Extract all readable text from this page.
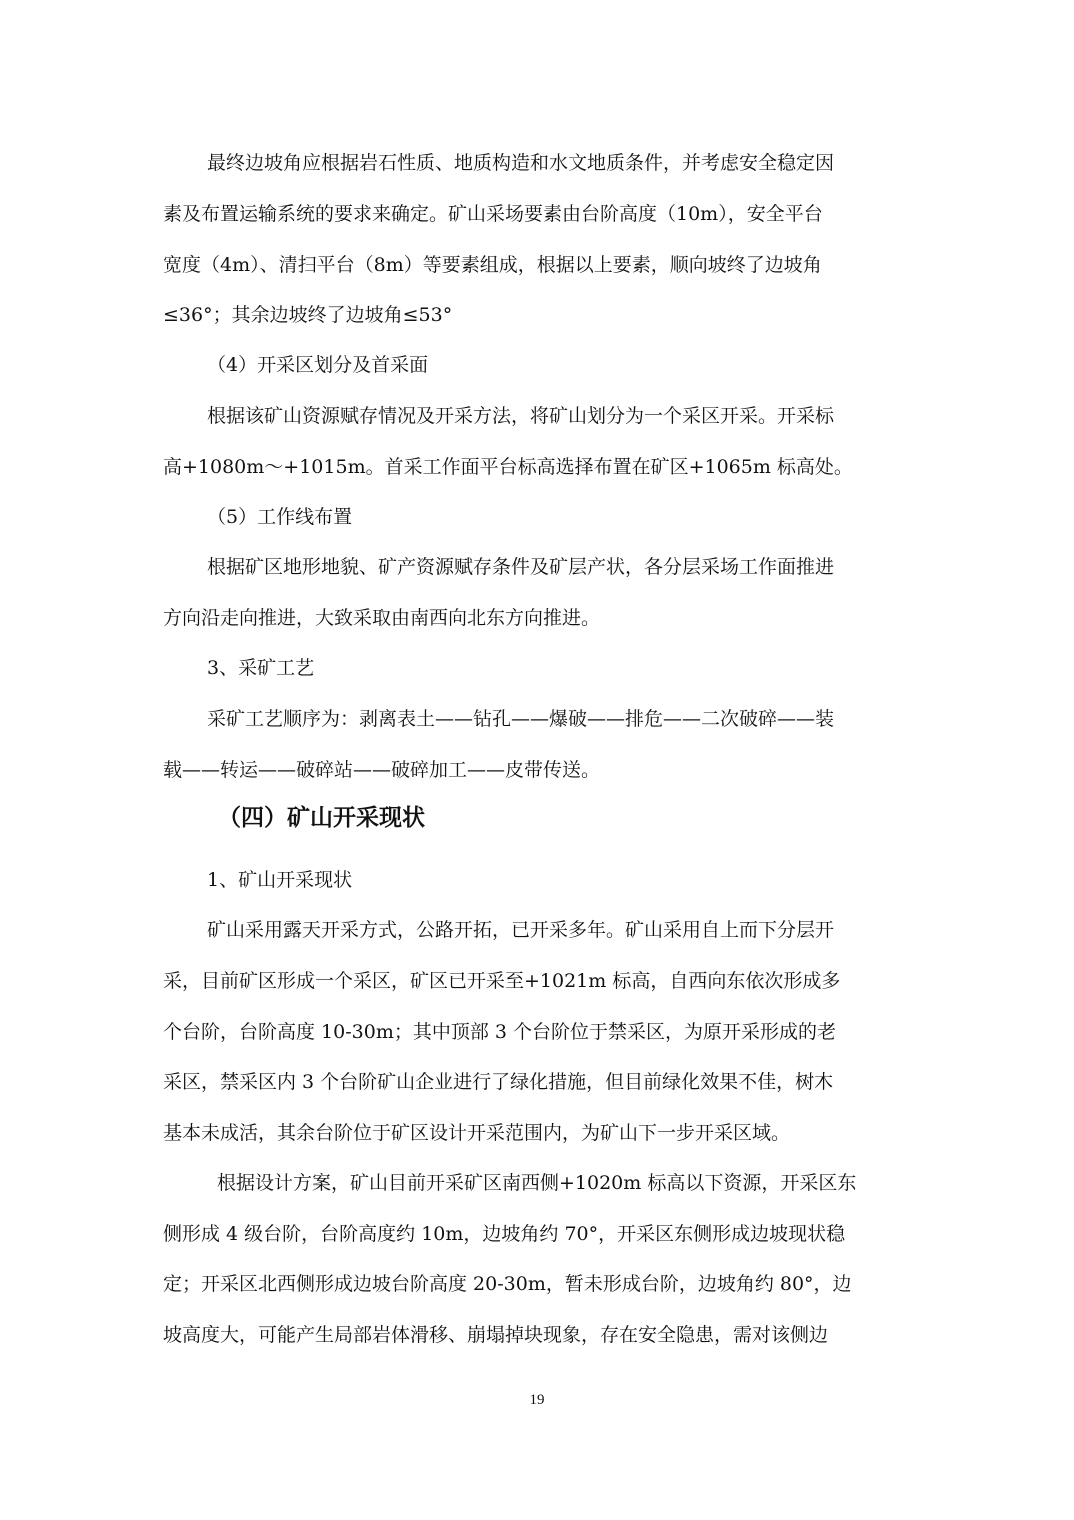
最终边坡角应根据岩石性质、地质构造和水文地质条件，并考虑安全稳定因
素及布置运输系统的要求来确定。矿山采场要素由台阶高度（10m），安全平台
宽度（4m）、清扫平台（8m）等要素组成，根据以上要素，顺向坡终了边坡角
≤36°；其余边坡终了边坡角≤53°
（4）开采区划分及首采面
根据该矿山资源赋存情况及开采方法，将矿山划分为一个采区开采。开采标
高+1080m～+1015m。首采工作面平台标高选择布置在矿区+1065m 标高处。
（5）工作线布置
根据矿区地形地貌、矿产资源赋存条件及矿层产状，各分层采场工作面推进
方向沿走向推进，大致采取由南西向北东方向推进。
3、采矿工艺
采矿工艺顺序为：剥离表土——钻孔——爆破——排危——二次破碎——装
载——转运——破碎站——破碎加工——皮带传送。
（四）矿山开采现状
1、矿山开采现状
矿山采用露天开采方式，公路开拓，已开采多年。矿山采用自上而下分层开
采，目前矿区形成一个采区，矿区已开采至+1021m 标高，自西向东依次形成多
个台阶，台阶高度 10-30m；其中顶部 3 个台阶位于禁采区，为原开采形成的老
采区，禁采区内 3 个台阶矿山企业进行了绿化措施，但目前绿化效果不佳，树木
基本未成活，其余台阶位于矿区设计开采范围内，为矿山下一步开采区域。
根据设计方案，矿山目前开采矿区南西侧+1020m 标高以下资源，开采区东
侧形成 4 级台阶，台阶高度约 10m，边坡角约 70°，开采区东侧形成边坡现状稳
定；开采区北西侧形成边坡台阶高度 20-30m，暂未形成台阶，边坡角约 80°，边
坡高度大，可能产生局部岩体滑移、崩塌掉块现象，存在安全隐患，需对该侧边
19
